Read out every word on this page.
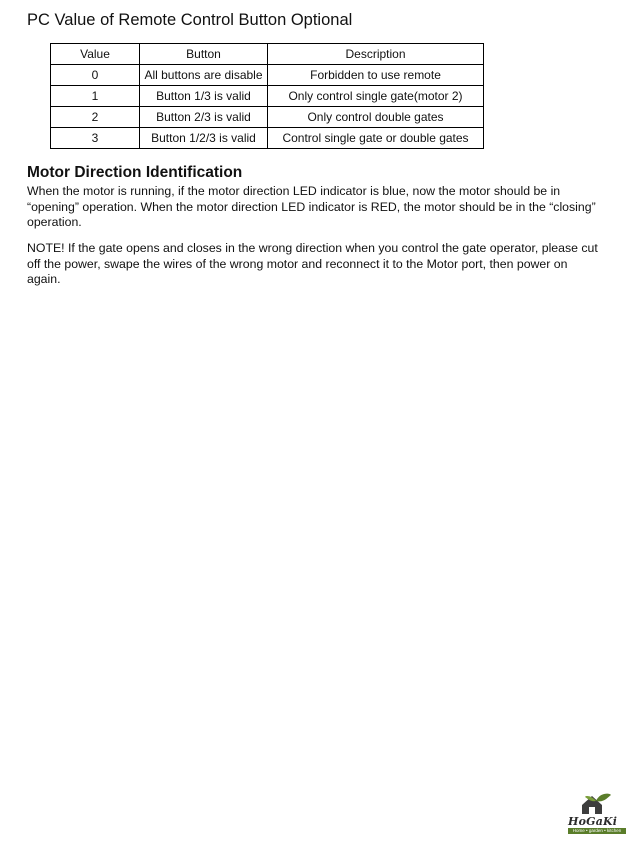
PC Value of Remote Control Button Optional
Value	Button	Description
0	All buttons are disable	Forbidden to use remote
1	Button 1/3 is valid	Only control single gate(motor 2)
2	Button 2/3 is valid	Only control double gates
3	Button 1/2/3 is valid	Control single gate or double gates
Motor Direction Identification

When the motor is running, if the motor direction LED indicator is blue, now the motor should be in “opening” operation. When the motor direction LED indicator is RED, the motor should be in the “closing” operation.

NOTE! If the gate opens and closes in the wrong direction when you control the gate operator, please cut off the power, swape the wires of the wrong motor and reconnect it to the Motor port, then power on again.

HoGaKi
Home • garden • kitchen
